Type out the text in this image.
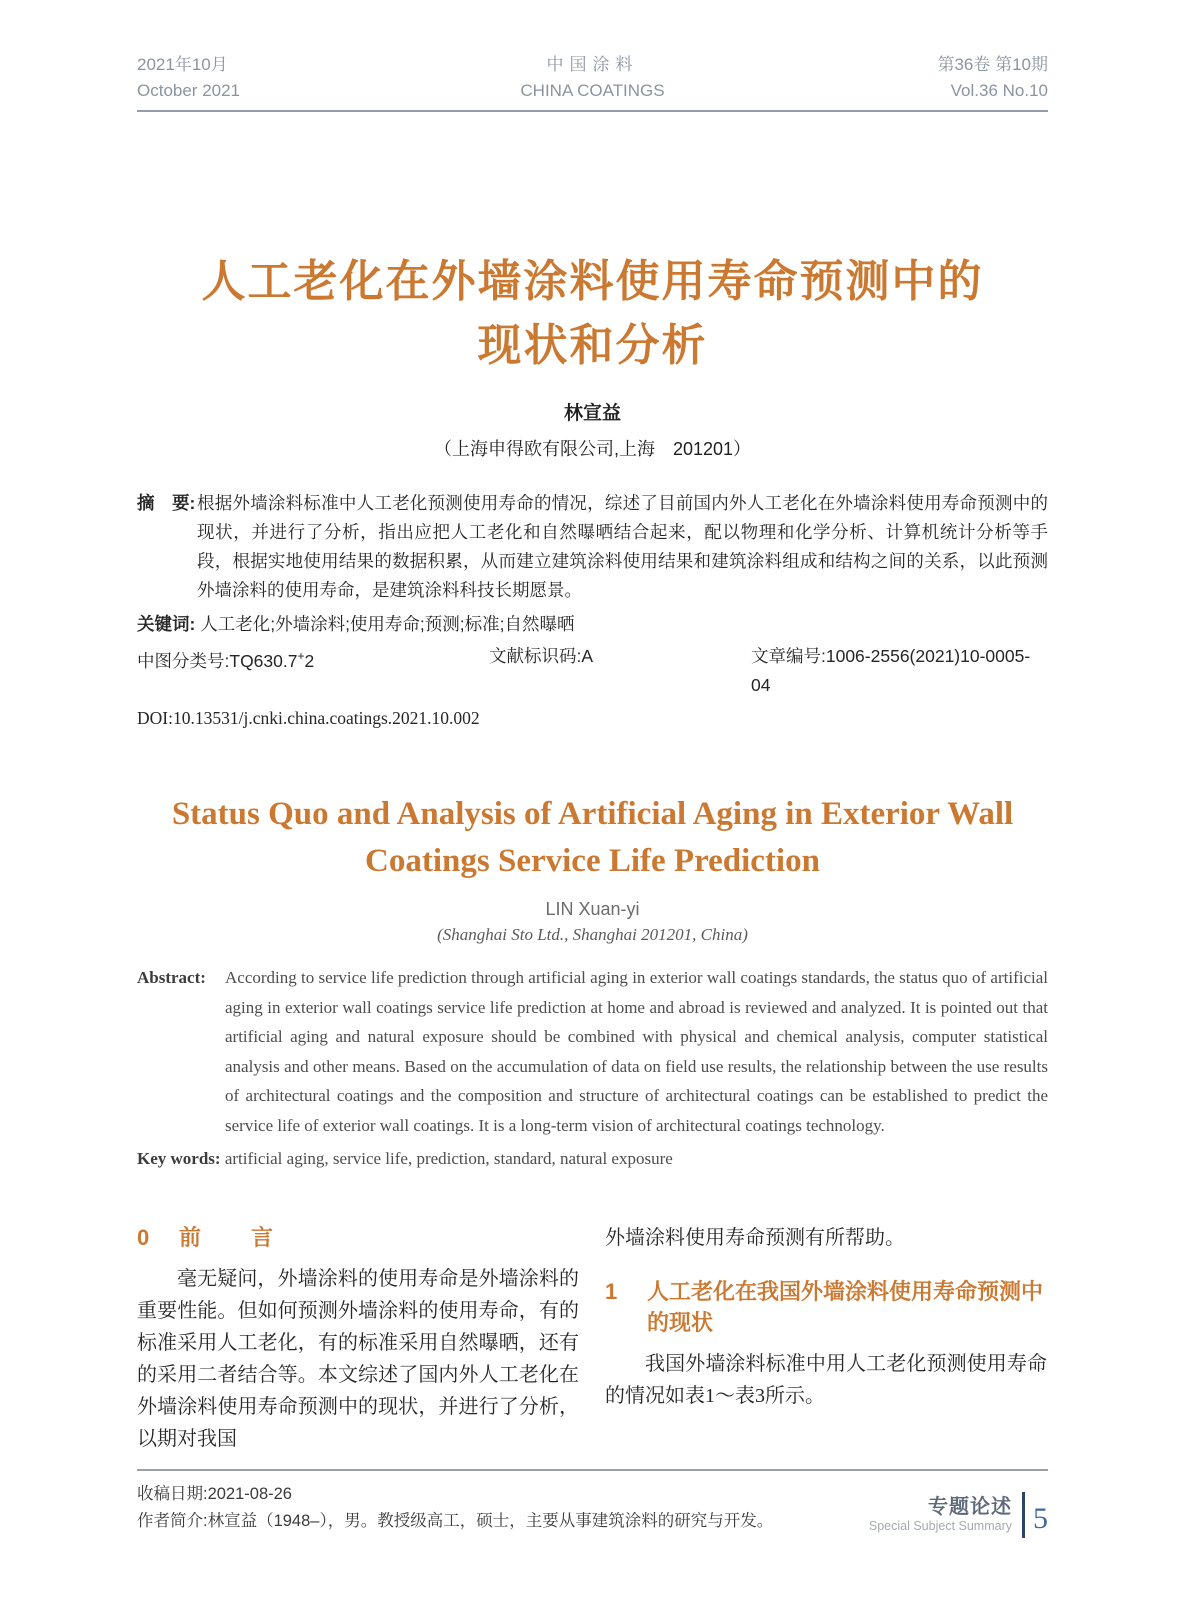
2021年10月
October 2021
中国涂料
CHINA COATINGS
第36卷 第10期
Vol.36 No.10
人工老化在外墙涂料使用寿命预测中的
现状和分析
林宣益
（上海申得欧有限公司,上海　201201）
摘　要: 根据外墙涂料标准中人工老化预测使用寿命的情况，综述了目前国内外人工老化在外墙涂料使用寿命预测中的现状，并进行了分析，指出应把人工老化和自然曝晒结合起来，配以物理和化学分析、计算机统计分析等手段，根据实地使用结果的数据积累，从而建立建筑涂料使用结果和建筑涂料组成和结构之间的关系，以此预测外墙涂料的使用寿命，是建筑涂料科技长期愿景。
关键词: 人工老化;外墙涂料;使用寿命;预测;标准;自然曝晒
中图分类号:TQ630.7+2	文献标识码:A	文章编号:1006-2556(2021)10-0005-04
DOI:10.13531/j.cnki.china.coatings.2021.10.002
Status Quo and Analysis of Artificial Aging in Exterior Wall
Coatings Service Life Prediction
LIN Xuan-yi
(Shanghai Sto Ltd., Shanghai 201201, China)
Abstract:	According to service life prediction through artificial aging in exterior wall coatings standards, the status quo of artificial aging in exterior wall coatings service life prediction at home and abroad is reviewed and analyzed. It is pointed out that artificial aging and natural exposure should be combined with physical and chemical analysis, computer statistical analysis and other means. Based on the accumulation of data on field use results, the relationship between the use results of architectural coatings and the composition and structure of architectural coatings can be established to predict the service life of exterior wall coatings. It is a long-term vision of architectural coatings technology.
Key words: artificial aging, service life, prediction, standard, natural exposure
0	前　言

毫无疑问，外墙涂料的使用寿命是外墙涂料的重要性能。但如何预测外墙涂料的使用寿命，有的标准采用人工老化，有的标准采用自然曝晒，还有的采用二者结合等。本文综述了国内外人工老化在外墙涂料使用寿命预测中的现状，并进行了分析，以期对我国

外墙涂料使用寿命预测有所帮助。

1	人工老化在我国外墙涂料使用寿命预测中的现状

我国外墙涂料标准中用人工老化预测使用寿命的情况如表1～表3所示。

收稿日期:2021-08-26
作者简介:林宣益（1948–），男。教授级高工，硕士，主要从事建筑涂料的研究与开发。
专题论述
Special Subject Summary 5
